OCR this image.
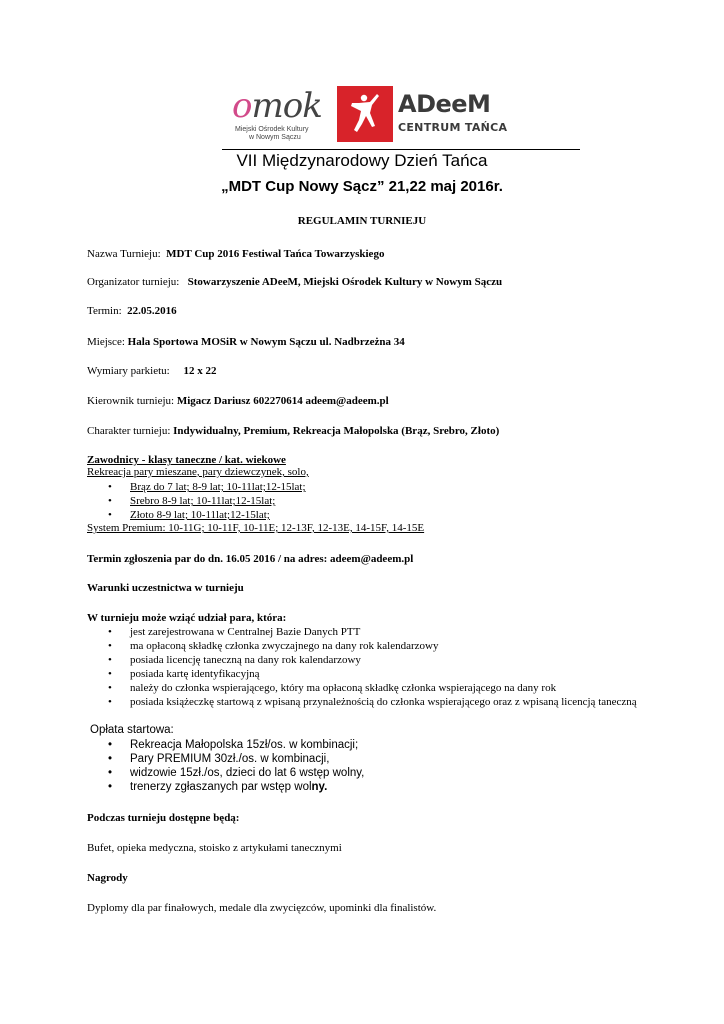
omok
Miejski Ośrodek Kultury
w Nowym Sączu
ADeeM
CENTRUM TAŃCA
VII Międzynarodowy Dzień Tańca
„MDT Cup Nowy Sącz” 21,22 maj 2016r.
REGULAMIN TURNIEJU
Nazwa Turnieju: MDT Cup 2016 Festiwal Tańca Towarzyskiego
Organizator turnieju: Stowarzyszenie ADeeM, Miejski Ośrodek Kultury w Nowym Sączu
Termin: 22.05.2016
Miejsce: Hala Sportowa MOSiR w Nowym Sączu ul. Nadbrzeżna 34
Wymiary parkietu: 12 x 22
Kierownik turnieju: Migacz Dariusz 602270614 adeem@adeem.pl
Charakter turnieju: Indywidualny, Premium, Rekreacja Małopolska (Brąz, Srebro, Złoto)
Zawodnicy - klasy taneczne / kat. wiekowe
Rekreacja pary mieszane, pary dziewczynek, solo,
• Brąz do 7 lat; 8-9 lat; 10-11lat;12-15lat;
• Srebro 8-9 lat; 10-11lat;12-15lat;
• Złoto 8-9 lat; 10-11lat;12-15lat;
System Premium: 10-11G; 10-11F, 10-11E; 12-13F, 12-13E, 14-15F, 14-15E
Termin zgłoszenia par do dn. 16.05 2016 / na adres: adeem@adeem.pl
Warunki uczestnictwa w turnieju
W turnieju może wziąć udział para, która:
• jest zarejestrowana w Centralnej Bazie Danych PTT
• ma opłaconą składkę członka zwyczajnego na dany rok kalendarzowy
• posiada licencję taneczną na dany rok kalendarzowy
• posiada kartę identyfikacyjną
• należy do członka wspierającego, który ma opłaconą składkę członka wspierającego na dany rok
• posiada książeczkę startową z wpisaną przynależnością do członka wspierającego oraz z wpisaną licencją taneczną
Opłata startowa:
• Rekreacja Małopolska 15zł/os. w kombinacji;
• Pary PREMIUM 30zł./os. w kombinacji,
• widzowie 15zł./os, dzieci do lat 6 wstęp wolny,
• trenerzy zgłaszanych par wstęp wolny.
Podczas turnieju dostępne będą:
Bufet, opieka medyczna, stoisko z artykułami tanecznymi
Nagrody
Dyplomy dla par finałowych, medale dla zwycięzców, upominki dla finalistów.
